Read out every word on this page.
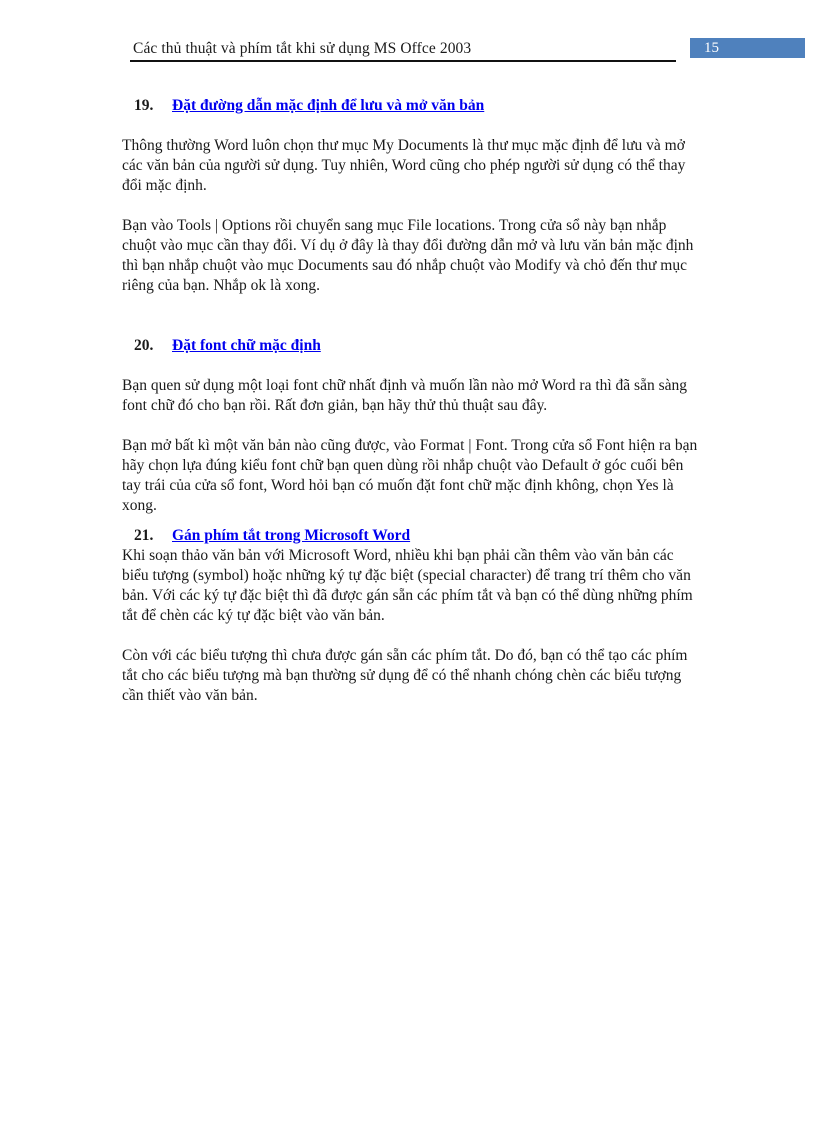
Các thủ thuật và phím tắt khi sử dụng MS Offce 2003	15
19.	Đặt đường dẫn mặc định để lưu và mở văn bản

Thông thường Word luôn chọn thư mục My Documents là thư mục mặc định để lưu và mở các văn bản của người sử dụng. Tuy nhiên, Word cũng cho phép người sử dụng có thể thay đổi mặc định.

Bạn vào Tools | Options rồi chuyển sang mục File locations. Trong cửa sổ này bạn nhắp chuột vào mục cần thay đổi. Ví dụ ở đây là thay đổi đường dẫn mở và lưu văn bản mặc định thì bạn nhắp chuột vào mục Documents sau đó nhắp chuột vào Modify và chỏ đến thư mục riêng của bạn. Nhắp ok là xong.

20.	Đặt font chữ mặc định

Bạn quen sử dụng một loại font chữ nhất định và muốn lần nào mở Word ra thì đã sẵn sàng font chữ đó cho bạn rồi. Rất đơn giản, bạn hãy thử thủ thuật sau đây.

Bạn mở bất kì một văn bản nào cũng được, vào Format | Font. Trong cửa sổ Font hiện ra bạn hãy chọn lựa đúng kiểu font chữ bạn quen dùng rồi nhắp chuột vào Default ở góc cuối bên tay trái của cửa sổ font, Word hỏi bạn có muốn đặt font chữ mặc định không, chọn Yes là xong.

21.	Gán phím tắt trong Microsoft Word

Khi soạn thảo văn bản với Microsoft Word, nhiều khi bạn phải cần thêm vào văn bản các biểu tượng (symbol) hoặc những ký tự đặc biệt (special character) để trang trí thêm cho văn bản. Với các ký tự đặc biệt thì đã được gán sẵn các phím tắt và bạn có thể dùng những phím tắt để chèn các ký tự đặc biệt vào văn bản.

Còn với các biểu tượng thì chưa được gán sẵn các phím tắt. Do đó, bạn có thể tạo các phím tắt cho các biểu tượng mà bạn thường sử dụng để có thể nhanh chóng chèn các biểu tượng cần thiết vào văn bản.
